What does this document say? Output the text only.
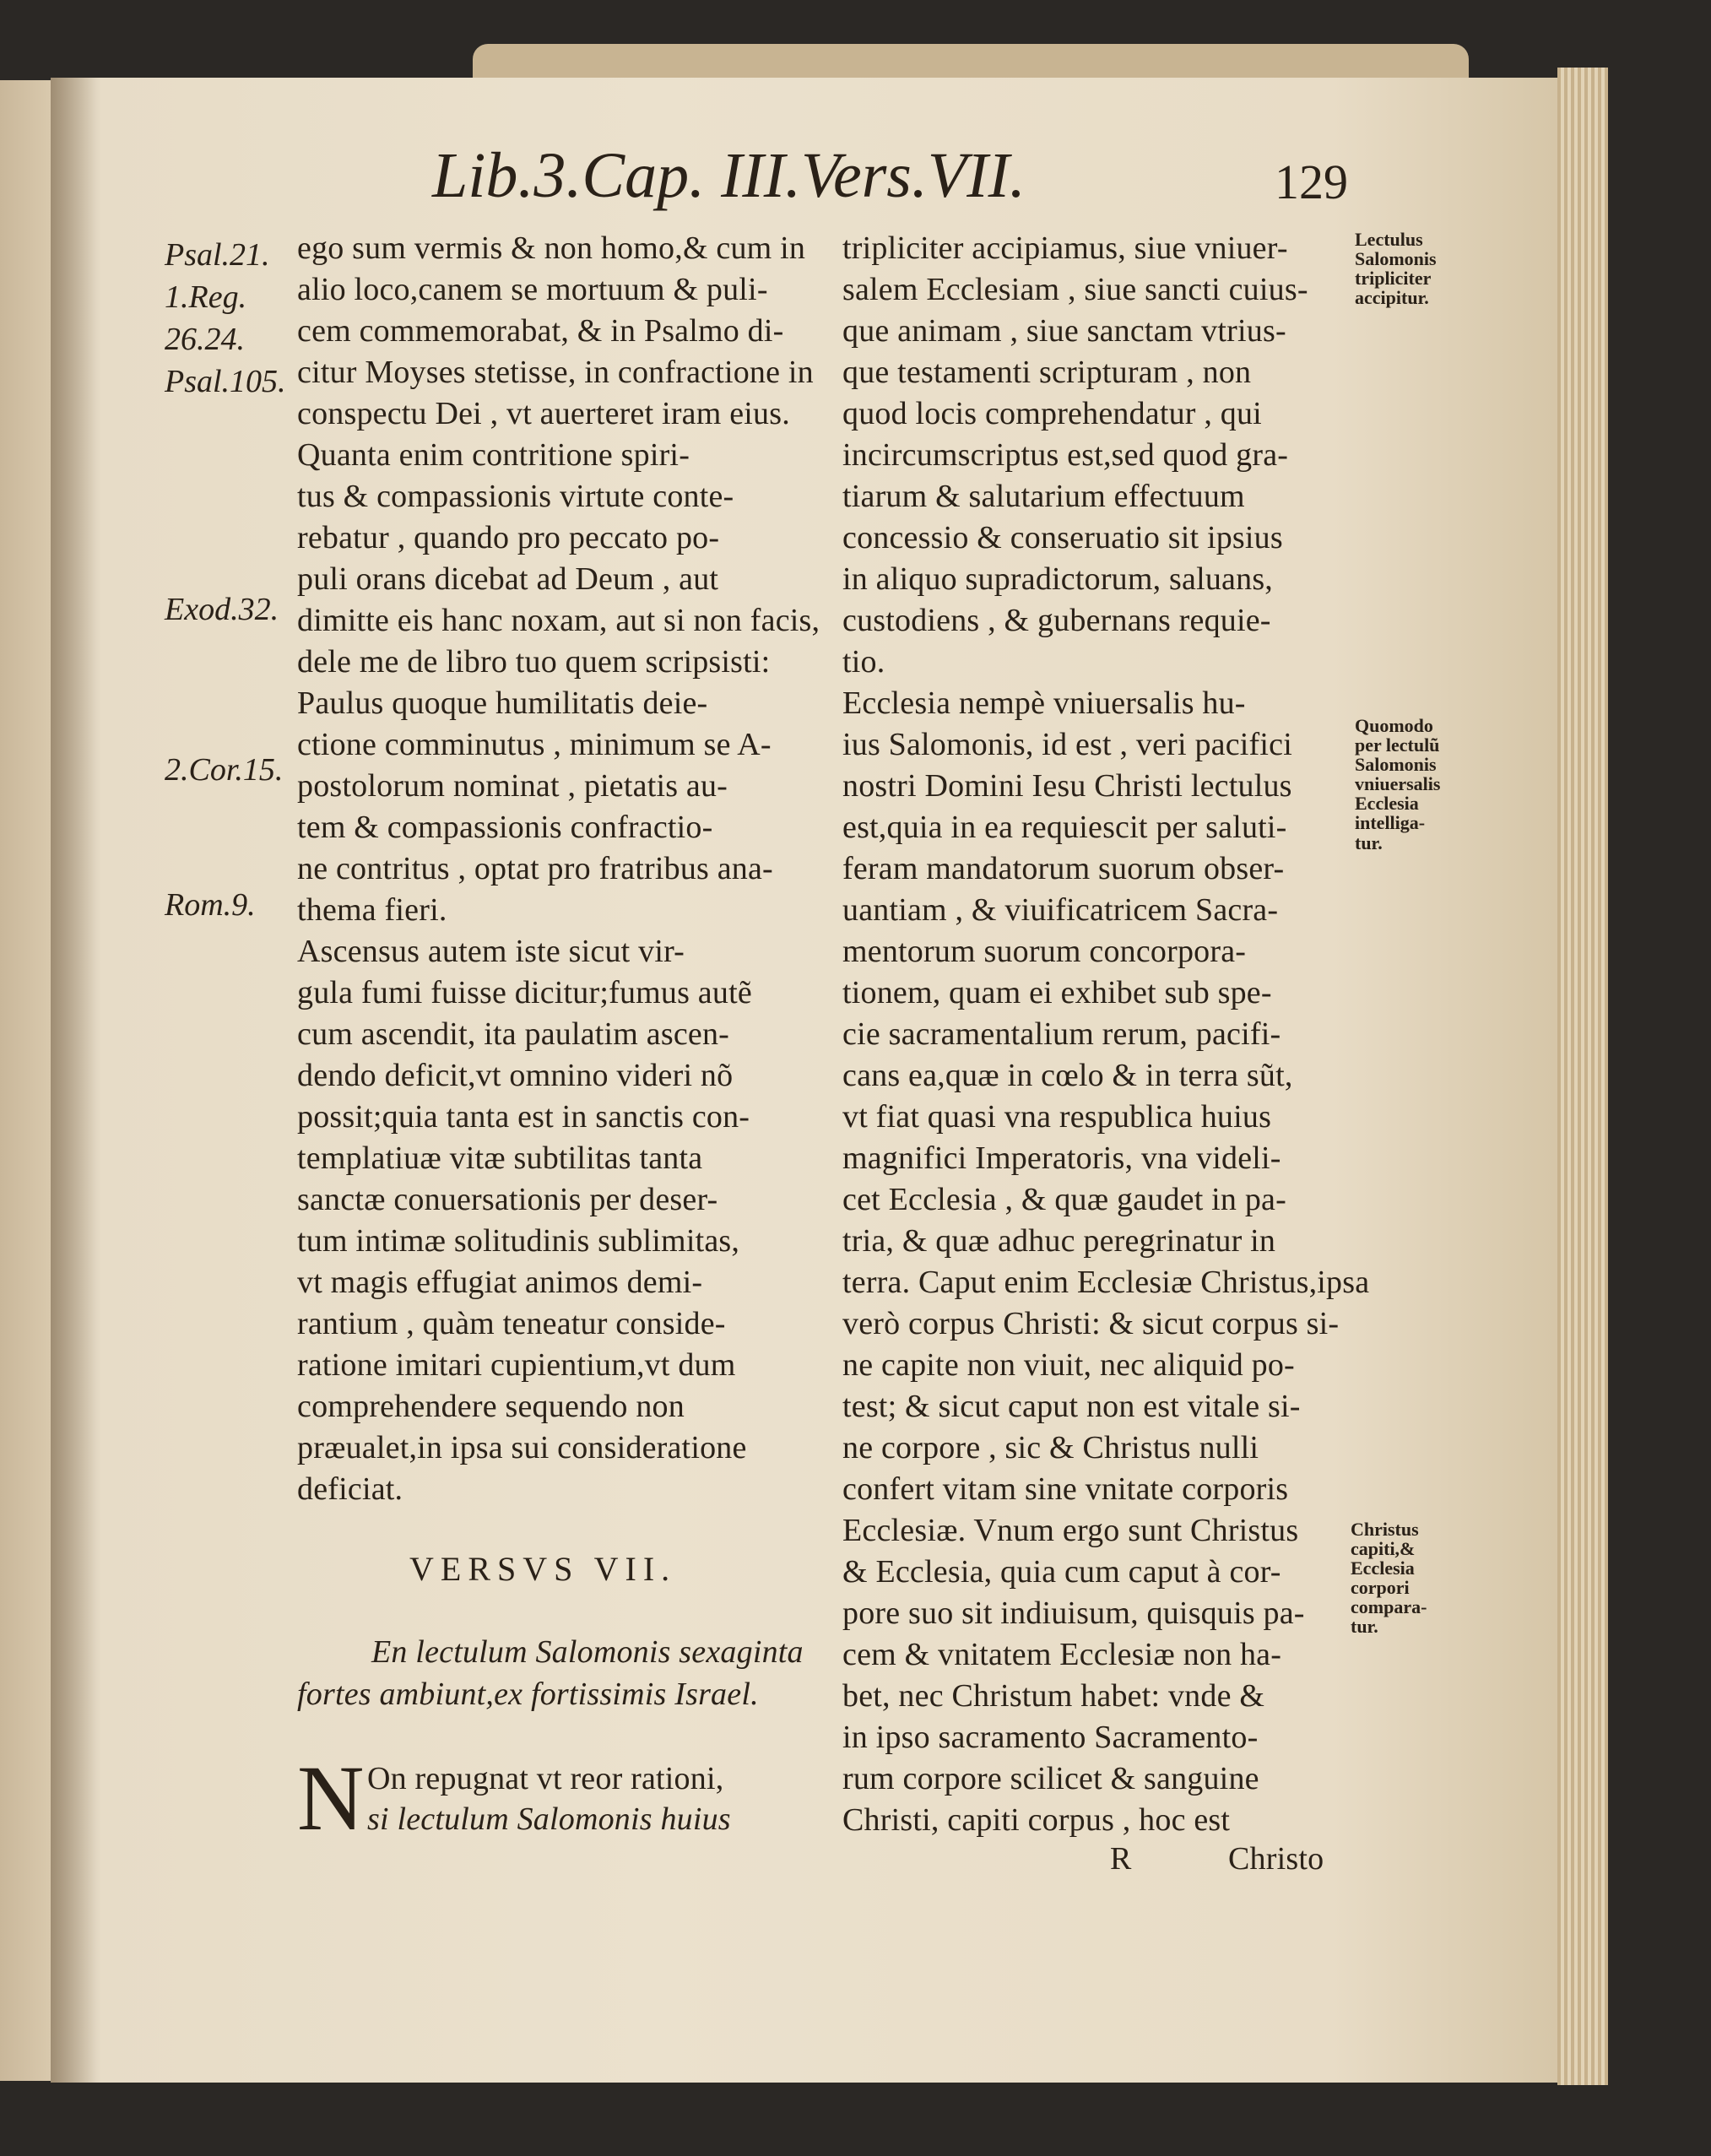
Lib.3.Cap. III.Vers.VII.	129
Psal.21.
1.Reg.
26.24.
Psal.105.
Exod.32.
2.Cor.15.
Rom.9.
ego sum vermis & non homo,& cum in
alio loco,canem se mortuum & puli-
cem commemorabat, & in Psalmo di-
citur Moyses stetisse, in confractione in
conspectu Dei , vt auerteret iram eius.
Quanta enim contritione spiri-
tus & compassionis virtute conte-
rebatur , quando pro peccato po-
puli orans dicebat ad Deum , aut
dimitte eis hanc noxam, aut si non facis,
dele me de libro tuo quem scripsisti:
Paulus quoque humilitatis deie-
ctione comminutus , minimum se A-
postolorum nominat , pietatis au-
tem & compassionis confractio-
ne contritus , optat pro fratribus ana-
thema fieri.
Ascensus autem iste sicut vir-
gula fumi fuisse dicitur;fumus autẽ
cum ascendit, ita paulatim ascen-
dendo deficit,vt omnino videri nõ
possit;quia tanta est in sanctis con-
templatiuæ vitæ subtilitas tanta
sanctæ conuersationis per deser-
tum intimæ solitudinis sublimitas,
vt magis effugiat animos demi-
rantium , quàm teneatur conside-
ratione imitari cupientium,vt dum
comprehendere sequendo non
præualet,in ipsa sui consideratione
deficiat.
VERSVS VII.
En lectulum Salomonis sexaginta
fortes ambiunt,ex fortissimis Israel.
N On repugnat vt reor rationi,
si lectulum Salomonis huius
tripliciter accipiamus, siue vniuer-
salem Ecclesiam , siue sancti cuius-
que animam , siue sanctam vtrius-
que testamenti scripturam , non
quod locis comprehendatur , qui
incircumscriptus est,sed quod gra-
tiarum & salutarium effectuum
concessio & conseruatio sit ipsius
in aliquo supradictorum, saluans,
custodiens , & gubernans requie-
tio.
Ecclesia nempè vniuersalis hu-
ius Salomonis, id est , veri pacifici
nostri Domini Iesu Christi lectulus
est,quia in ea requiescit per saluti-
feram mandatorum suorum obser-
uantiam , & viuificatricem Sacra-
mentorum suorum concorpora-
tionem, quam ei exhibet sub spe-
cie sacramentalium rerum, pacifi-
cans ea,quæ in cœlo & in terra sũt,
vt fiat quasi vna respublica huius
magnifici Imperatoris, vna videli-
cet Ecclesia , & quæ gaudet in pa-
tria, & quæ adhuc peregrinatur in
terra. Caput enim Ecclesiæ Christus,ipsa
verò corpus Christi: & sicut corpus si-
ne capite non viuit, nec aliquid po-
test; & sicut caput non est vitale si-
ne corpore , sic & Christus nulli
confert vitam sine vnitate corporis
Ecclesiæ. Vnum ergo sunt Christus
& Ecclesia, quia cum caput à cor-
pore suo sit indiuisum, quisquis pa-
cem & vnitatem Ecclesiæ non ha-
bet, nec Christum habet: vnde &
in ipso sacramento Sacramento-
rum corpore scilicet & sanguine
Christi, capiti corpus , hoc est
R	Christo
Lectulus
Salomonis
tripliciter
accipitur.
Quomodo
per lectulũ
Salomonis
vniuersalis
Ecclesia
intelliga-
tur.
Christus
capiti,&
Ecclesia
corpori
compara-
tur.
